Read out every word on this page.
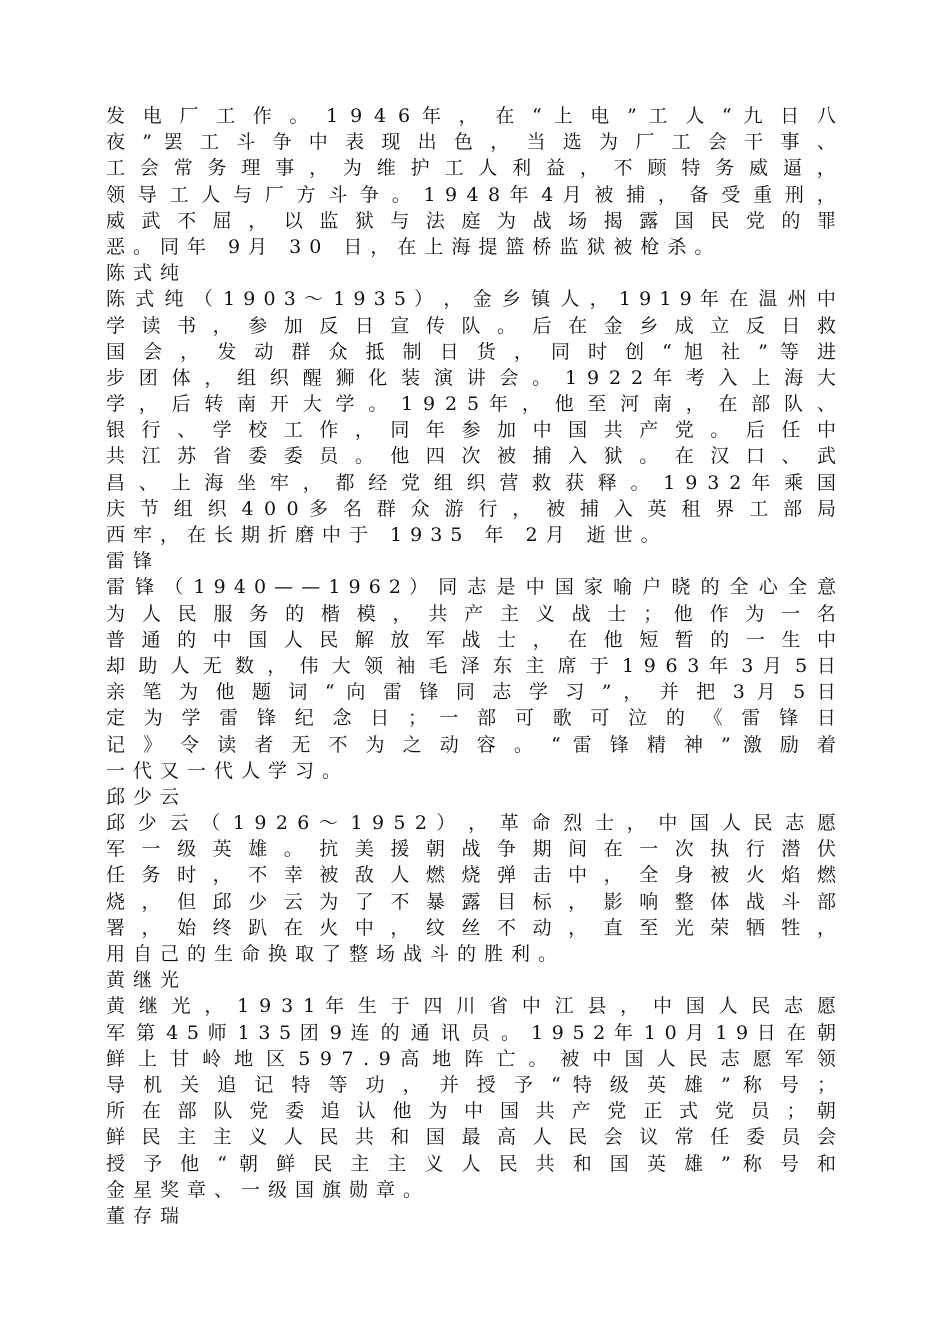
发 电 厂 工 作 。 1 9 4 6 年 ， 在 “ 上 电 ” 工 人 “ 九 日 八
夜 ” 罢 工 斗 争 中 表 现 出 色 ， 当 选 为 厂 工 会 干 事 、
工 会 常 务 理 事 ， 为 维 护 工 人 利 益 ， 不 顾 特 务 威 逼 ，
领 导 工 人 与 厂 方 斗 争 。 1 9 4 8 年 4 月 被 捕 ， 备 受 重 刑 ，
威 武 不 屈 ， 以 监 狱 与 法 庭 为 战 场 揭 露 国 民 党 的 罪
恶。同年 9月 30 日，在上海提篮桥监狱被枪杀。
陈式纯
陈 式 纯 （ 1 9 0 3 ～ 1 9 3 5 ） ， 金 乡 镇 人 ， 1 9 1 9 年 在 温 州 中
学 读 书 ， 参 加 反 日 宣 传 队 。 后 在 金 乡 成 立 反 日 救
国 会 ， 发 动 群 众 抵 制 日 货 ， 同 时 创 “ 旭 社 ” 等 进
步 团 体 ， 组 织 醒 狮 化 装 演 讲 会 。 1 9 2 2 年 考 入 上 海 大
学 ， 后 转 南 开 大 学 。 1 9 2 5 年 ， 他 至 河 南 ， 在 部 队 、
银 行 、 学 校 工 作 ， 同 年 参 加 中 国 共 产 党 。 后 任 中
共 江 苏 省 委 委 员 。 他 四 次 被 捕 入 狱 。 在 汉 口 、 武
昌 、 上 海 坐 牢 ， 都 经 党 组 织 营 救 获 释 。 1 9 3 2 年 乘 国
庆 节 组 织 4 0 0 多 名 群 众 游 行 ， 被 捕 入 英 租 界 工 部 局
西牢，在长期折磨中于 1935 年 2月 逝世。
雷锋
雷 锋 （ 1 9 4 0 — — 1 9 6 2 ） 同 志 是 中 国 家 喻 户 晓 的 全 心 全 意
为 人 民 服 务 的 楷 模 ， 共 产 主 义 战 士 ； 他 作 为 一 名
普 通 的 中 国 人 民 解 放 军 战 士 ， 在 他 短 暂 的 一 生 中
却 助 人 无 数 ， 伟 大 领 袖 毛 泽 东 主 席 于 1 9 6 3 年 3 月 5 日
亲 笔 为 他 题 词 “ 向 雷 锋 同 志 学 习 ” ， 并 把 3 月 5 日
定 为 学 雷 锋 纪 念 日 ； 一 部 可 歌 可 泣 的 《 雷 锋 日
记 》 令 读 者 无 不 为 之 动 容 。 “ 雷 锋 精 神 ” 激 励 着
一代又一代人学习。
邱少云
邱 少 云 （ 1 9 2 6 ～ 1 9 5 2 ） ， 革 命 烈 士 ， 中 国 人 民 志 愿
军 一 级 英 雄 。 抗 美 援 朝 战 争 期 间 在 一 次 执 行 潜 伏
任 务 时 ， 不 幸 被 敌 人 燃 烧 弹 击 中 ， 全 身 被 火 焰 燃
烧 ， 但 邱 少 云 为 了 不 暴 露 目 标 ， 影 响 整 体 战 斗 部
署 ， 始 终 趴 在 火 中 ， 纹 丝 不 动 ， 直 至 光 荣 牺 牲 ，
用自己的生命换取了整场战斗的胜利。
黄继光
黄 继 光 ， 1 9 3 1 年 生 于 四 川 省 中 江 县 ， 中 国 人 民 志 愿
军 第 4 5 师 1 3 5 团 9 连 的 通 讯 员 。 1 9 5 2 年 1 0 月 1 9 日 在 朝
鲜 上 甘 岭 地 区 5 9 7 . 9 高 地 阵 亡 。 被 中 国 人 民 志 愿 军 领
导 机 关 追 记 特 等 功 ， 并 授 予 “ 特 级 英 雄 ” 称 号 ；
所 在 部 队 党 委 追 认 他 为 中 国 共 产 党 正 式 党 员 ； 朝
鲜 民 主 主 义 人 民 共 和 国 最 高 人 民 会 议 常 任 委 员 会
授 予 他 “ 朝 鲜 民 主 主 义 人 民 共 和 国 英 雄 ” 称 号 和
金星奖章、一级国旗勋章。
董存瑞
